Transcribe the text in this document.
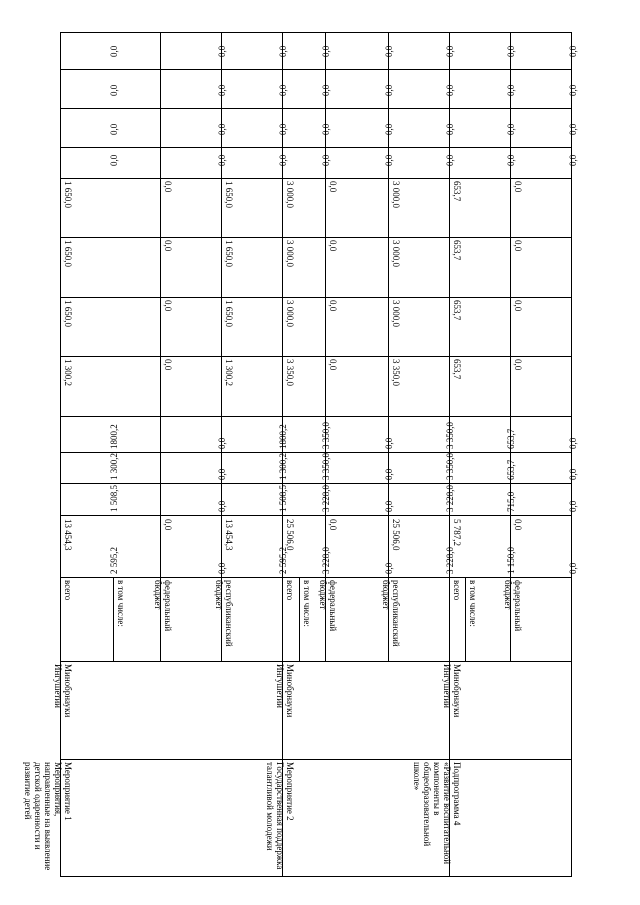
Мероприятие 1
Мероприятия, направленные на выявление детской одаренности и развитие детей
Минобрнауки Ингушетии
всего
13 454,3
1 300,2
1 650,0
1 650,0
1 650,0
2 595,2
1 508,5
1 300,2
1800,2
0,0
0,0
0,0
0,0
федеральный бюджет
0,0
0,0
0,0
0,0
0,0
0,0
0,0
0,0
0,0
0,0
0,0
0,0
0,0
республиканский бюджет
13 454,3
1 300,2
1 650,0
1 650,0
1 650,0
2 595,2
1 508,5
1 300,2
1800,2
0,0
0,0
0,0
0,0
в том числе:
Мероприятие 2
Государственная поддержка талантливой молодежи
Минобрнауки Ингушетии
всего
25 506,0
3 350,0
3 000,0
3 000,0
3 000,0
3 228,0
3 228,0
3 350,0
3 350,0
0,0
0,0
0,0
0,0
федеральный бюджет
0,0
0,0
0,0
0,0
0,0
0,0
0,0
0,0
0,0
0,0
0,0
0,0
0,0
республиканский бюджет
25 506,0
3 350,0
3 000,0
3 000,0
3 000,0
3 228,0
3 228,0
3 350,0
3 350,0
0,0
0,0
0,0
0,0
в том числе:
Подпрограмма 4
«Развитие воспитательной компоненты в общеобразовательной школе»
Минобрнауки Ингушетии
всего
5 787,2
653,7
653,7
653,7
653,7
1 150,0
715,0
653,7
653,7
0,0
0,0
0,0
0,0
федеральный бюджет
0,0
0,0
0,0
0,0
0,0
0,0
0,0
0,0
0,0
0,0
0,0
0,0
0,0
в том числе:
